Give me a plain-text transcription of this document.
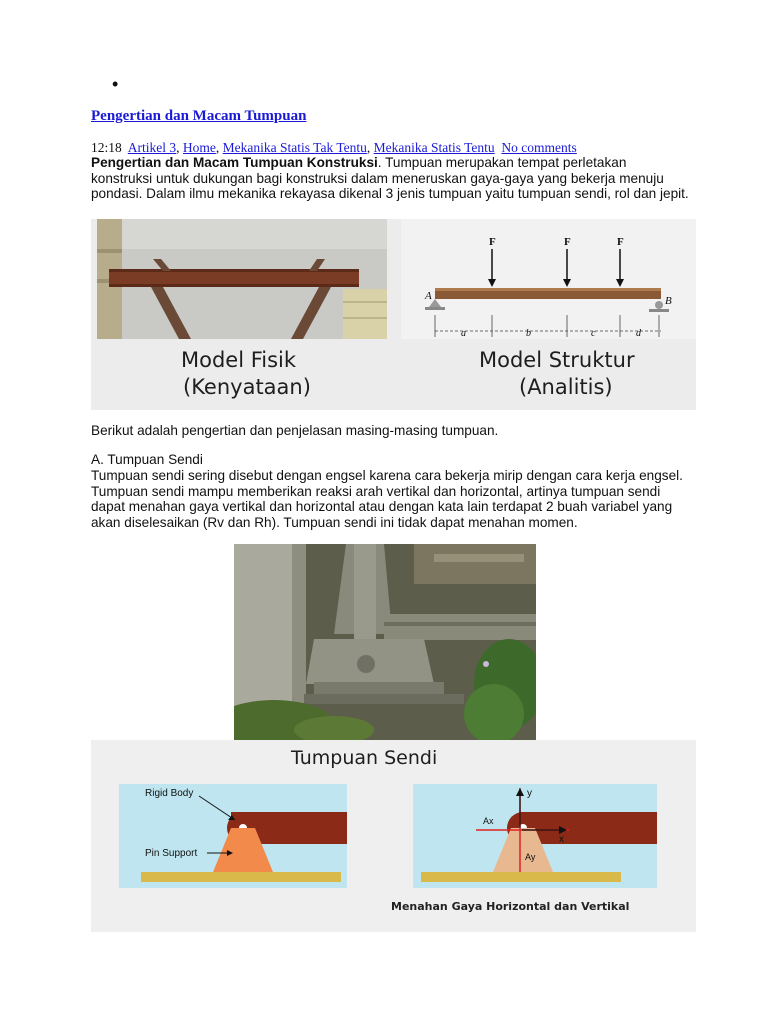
•
Pengertian dan Macam Tumpuan
12:18 Artikel 3, Home, Mekanika Statis Tak Tentu, Mekanika Statis Tentu No comments

Pengertian dan Macam Tumpuan Konstruksi. Tumpuan merupakan tempat perletakan konstruksi untuk dukungan bagi konstruksi dalam meneruskan gaya-gaya yang bekerja menuju pondasi. Dalam ilmu mekanika rekayasa dikenal 3 jenis tumpuan yaitu tumpuan sendi, rol dan jepit.

F	F	F
A	B
a	b	c	d
Model Fisik
(Kenyataan)
Model Struktur
(Analitis)

Berikut adalah pengertian dan penjelasan masing-masing tumpuan.

A. Tumpuan Sendi

Tumpuan sendi sering disebut dengan engsel karena cara bekerja mirip dengan cara kerja engsel. Tumpuan sendi mampu memberikan reaksi arah vertikal dan horizontal, artinya tumpuan sendi dapat menahan gaya vertikal dan horizontal atau dengan kata lain terdapat 2 buah variabel yang akan diselesaikan (Rv dan Rh). Tumpuan sendi ini tidak dapat menahan momen.

Tumpuan Sendi
Rigid Body
Pin Support
y
x
Ax
Ay
Menahan Gaya Horizontal dan Vertikal
